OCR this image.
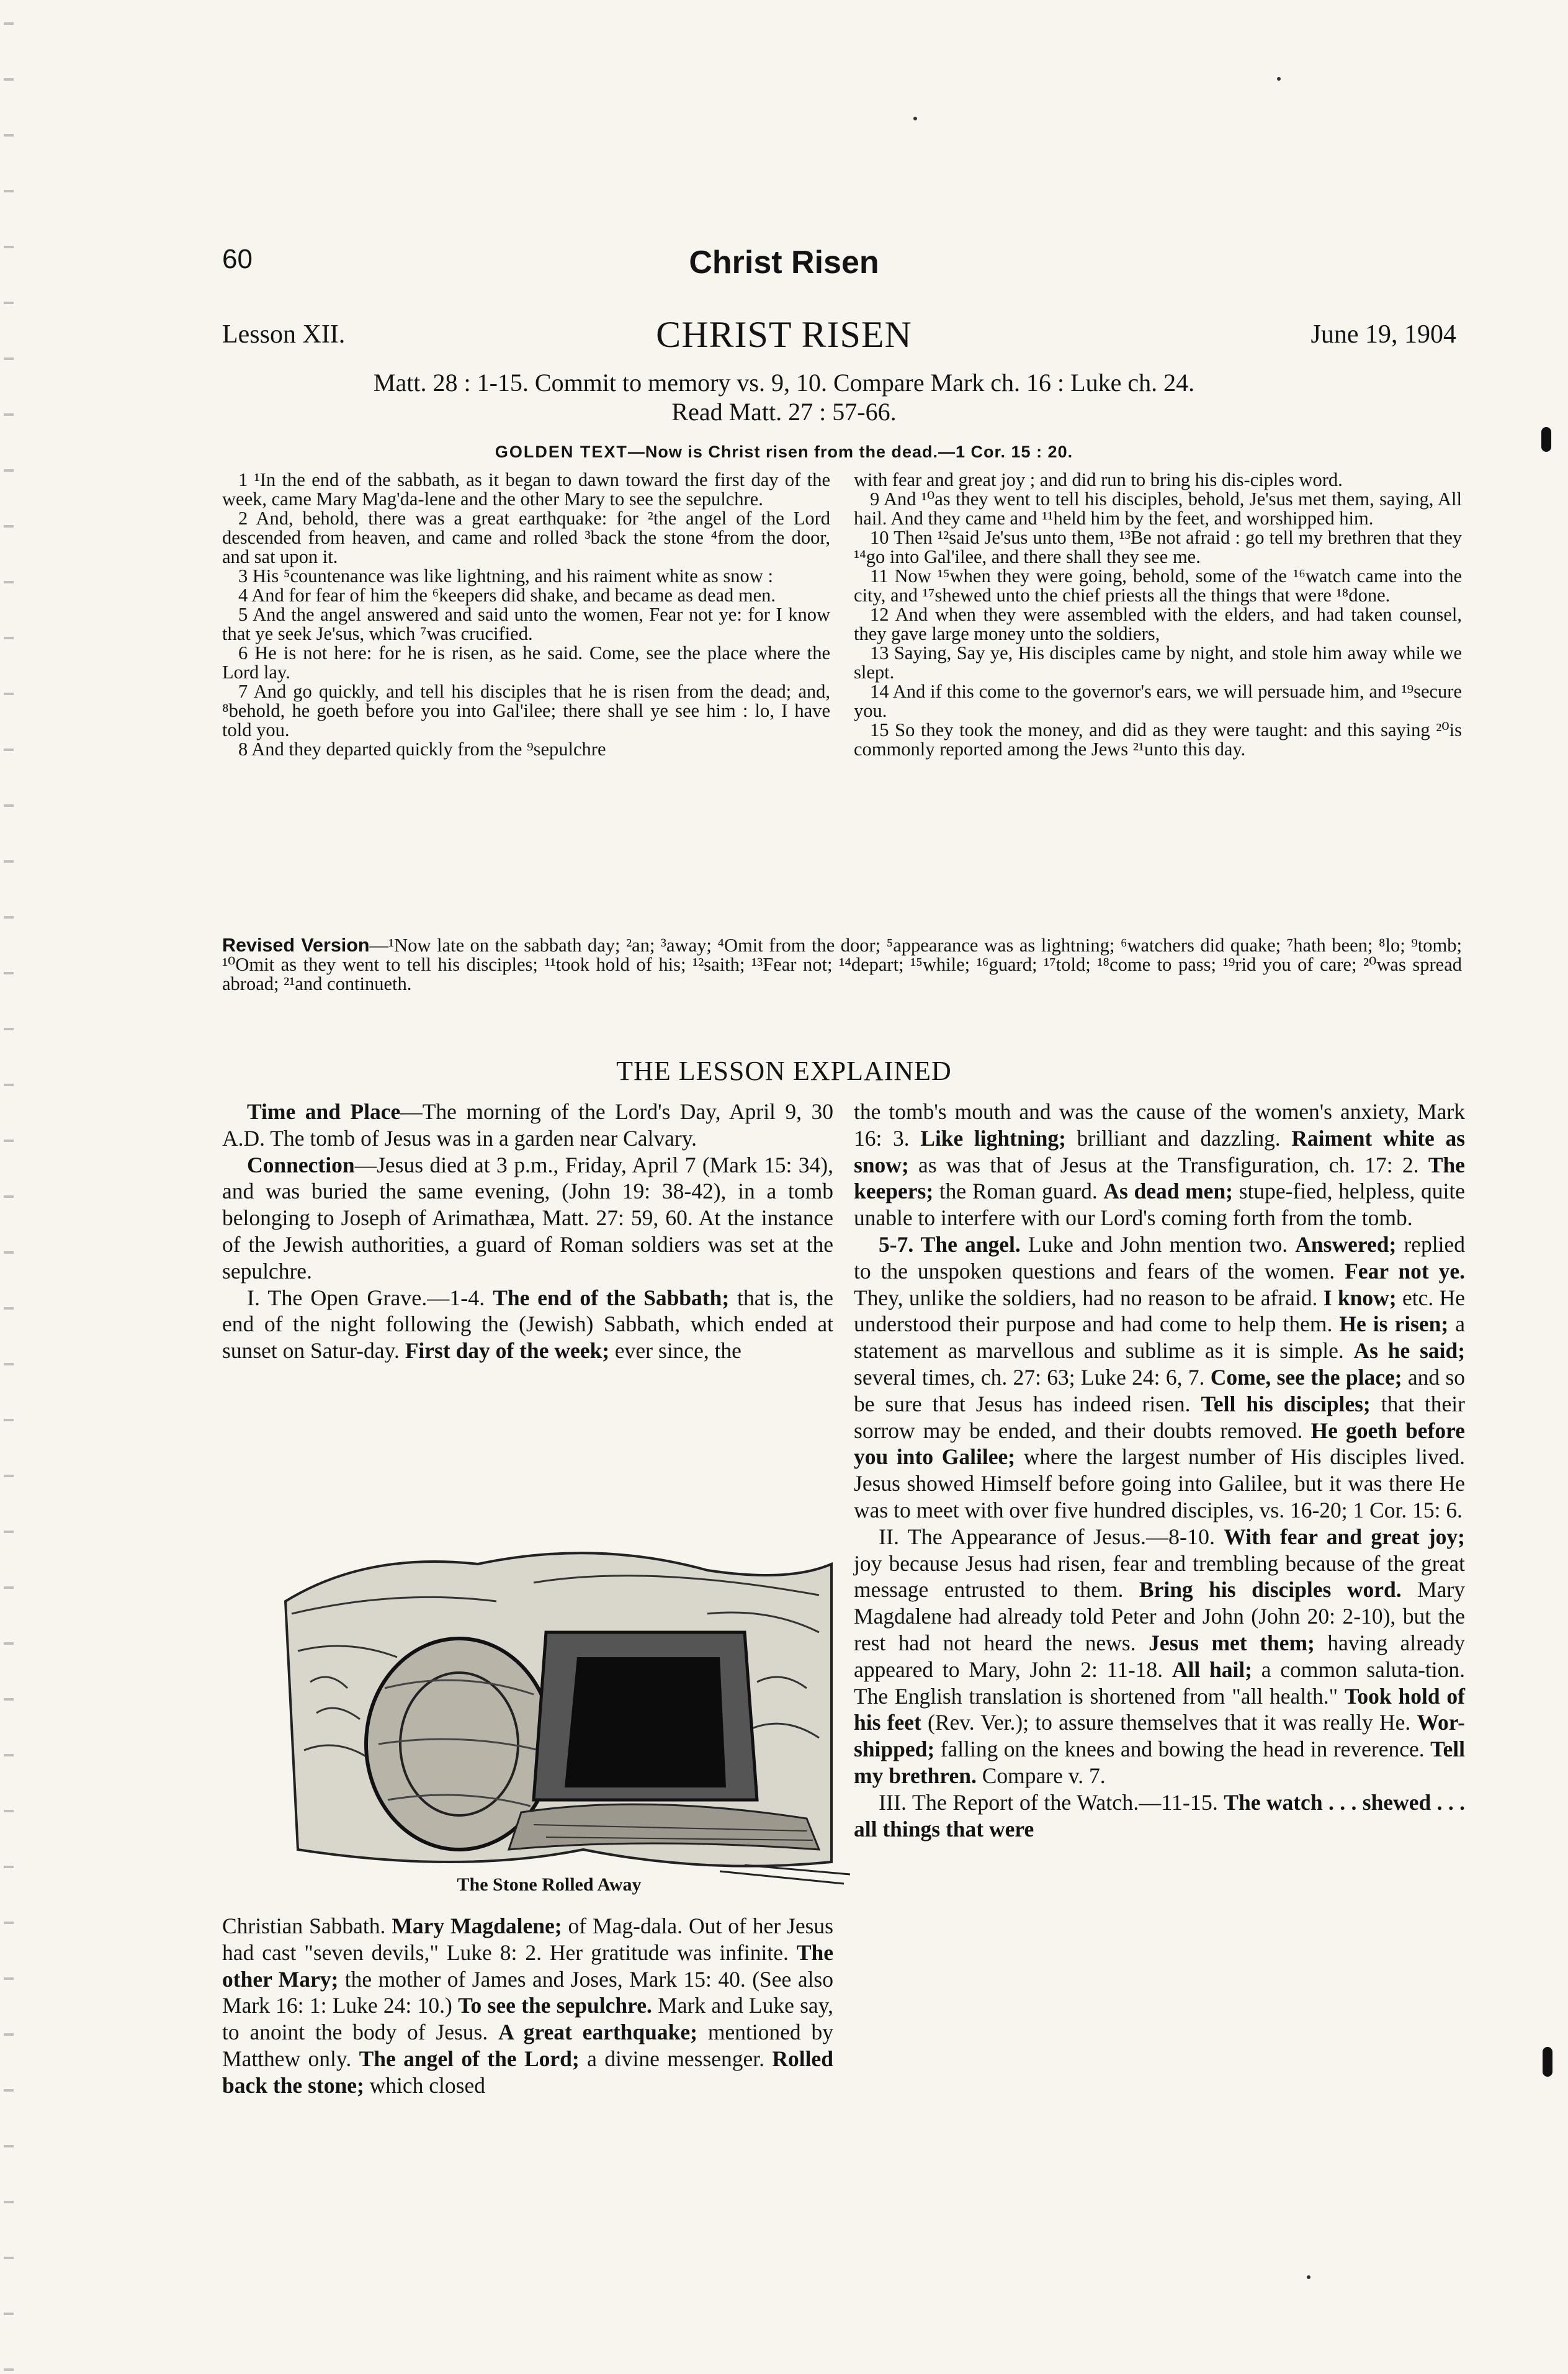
60	Christ Risen
Lesson XII.	CHRIST RISEN	June 19, 1904
Matt. 28 : 1-15. Commit to memory vs. 9, 10. Compare Mark ch. 16 : Luke ch. 24.
Read Matt. 27 : 57-66.
GOLDEN TEXT—Now is Christ risen from the dead.—1 Cor. 15 : 20.

1 ¹In the end of the sabbath, as it began to dawn toward the first day of the week, came Mary Mag'da-lene and the other Mary to see the sepulchre.

2 And, behold, there was a great earthquake: for ²the angel of the Lord descended from heaven, and came and rolled ³back the stone ⁴from the door, and sat upon it.

3 His ⁵countenance was like lightning, and his raiment white as snow :

4 And for fear of him the ⁶keepers did shake, and became as dead men.

5 And the angel answered and said unto the women, Fear not ye: for I know that ye seek Je'sus, which ⁷was crucified.

6 He is not here: for he is risen, as he said. Come, see the place where the Lord lay.

7 And go quickly, and tell his disciples that he is risen from the dead; and, ⁸behold, he goeth before you into Gal'ilee; there shall ye see him : lo, I have told you.

8 And they departed quickly from the ⁹sepulchre

with fear and great joy ; and did run to bring his dis-ciples word.

9 And ¹⁰as they went to tell his disciples, behold, Je'sus met them, saying, All hail. And they came and ¹¹held him by the feet, and worshipped him.

10 Then ¹²said Je'sus unto them, ¹³Be not afraid : go tell my brethren that they ¹⁴go into Gal'ilee, and there shall they see me.

11 Now ¹⁵when they were going, behold, some of the ¹⁶watch came into the city, and ¹⁷shewed unto the chief priests all the things that were ¹⁸done.

12 And when they were assembled with the elders, and had taken counsel, they gave large money unto the soldiers,

13 Saying, Say ye, His disciples came by night, and stole him away while we slept.

14 And if this come to the governor's ears, we will persuade him, and ¹⁹secure you.

15 So they took the money, and did as they were taught: and this saying ²⁰is commonly reported among the Jews ²¹unto this day.

Revised Version—¹Now late on the sabbath day; ²an; ³away; ⁴Omit from the door; ⁵appearance was as lightning; ⁶watchers did quake; ⁷hath been; ⁸lo; ⁹tomb; ¹⁰Omit as they went to tell his disciples; ¹¹took hold of his; ¹²saith; ¹³Fear not; ¹⁴depart; ¹⁵while; ¹⁶guard; ¹⁷told; ¹⁸come to pass; ¹⁹rid you of care; ²⁰was spread abroad; ²¹and continueth.
THE LESSON EXPLAINED

Time and Place—The morning of the Lord's Day, April 9, 30 A.D. The tomb of Jesus was in a garden near Calvary.

Connection—Jesus died at 3 p.m., Friday, April 7 (Mark 15: 34), and was buried the same evening, (John 19: 38-42), in a tomb belonging to Joseph of Arimathæa, Matt. 27: 59, 60. At the instance of the Jewish authorities, a guard of Roman soldiers was set at the sepulchre.

I. The Open Grave.—1-4. The end of the Sabbath; that is, the end of the night following the (Jewish) Sabbath, which ended at sunset on Satur-day. First day of the week; ever since, the

The Stone Rolled Away

Christian Sabbath. Mary Magdalene; of Mag-dala. Out of her Jesus had cast "seven devils," Luke 8: 2. Her gratitude was infinite. The other Mary; the mother of James and Joses, Mark 15: 40. (See also Mark 16: 1: Luke 24: 10.) To see the sepulchre. Mark and Luke say, to anoint the body of Jesus. A great earthquake; mentioned by Matthew only. The angel of the Lord; a divine messenger. Rolled back the stone; which closed

the tomb's mouth and was the cause of the women's anxiety, Mark 16: 3. Like lightning; brilliant and dazzling. Raiment white as snow; as was that of Jesus at the Transfiguration, ch. 17: 2. The keepers; the Roman guard. As dead men; stupe-fied, helpless, quite unable to interfere with our Lord's coming forth from the tomb.

5-7. The angel. Luke and John mention two. Answered; replied to the unspoken questions and fears of the women. Fear not ye. They, unlike the soldiers, had no reason to be afraid. I know; etc. He understood their purpose and had come to help them. He is risen; a statement as marvellous and sublime as it is simple. As he said; several times, ch. 27: 63; Luke 24: 6, 7. Come, see the place; and so be sure that Jesus has indeed risen. Tell his disciples; that their sorrow may be ended, and their doubts removed. He goeth before you into Galilee; where the largest number of His disciples lived. Jesus showed Himself before going into Galilee, but it was there He was to meet with over five hundred disciples, vs. 16-20; 1 Cor. 15: 6.

II. The Appearance of Jesus.—8-10. With fear and great joy; joy because Jesus had risen, fear and trembling because of the great message entrusted to them. Bring his disciples word. Mary Magdalene had already told Peter and John (John 20: 2-10), but the rest had not heard the news. Jesus met them; having already appeared to Mary, John 2: 11-18. All hail; a common saluta-tion. The English translation is shortened from "all health." Took hold of his feet (Rev. Ver.); to assure themselves that it was really He. Wor-shipped; falling on the knees and bowing the head in reverence. Tell my brethren. Compare v. 7.

III. The Report of the Watch.—11-15. The watch . . . shewed . . . all things that were
